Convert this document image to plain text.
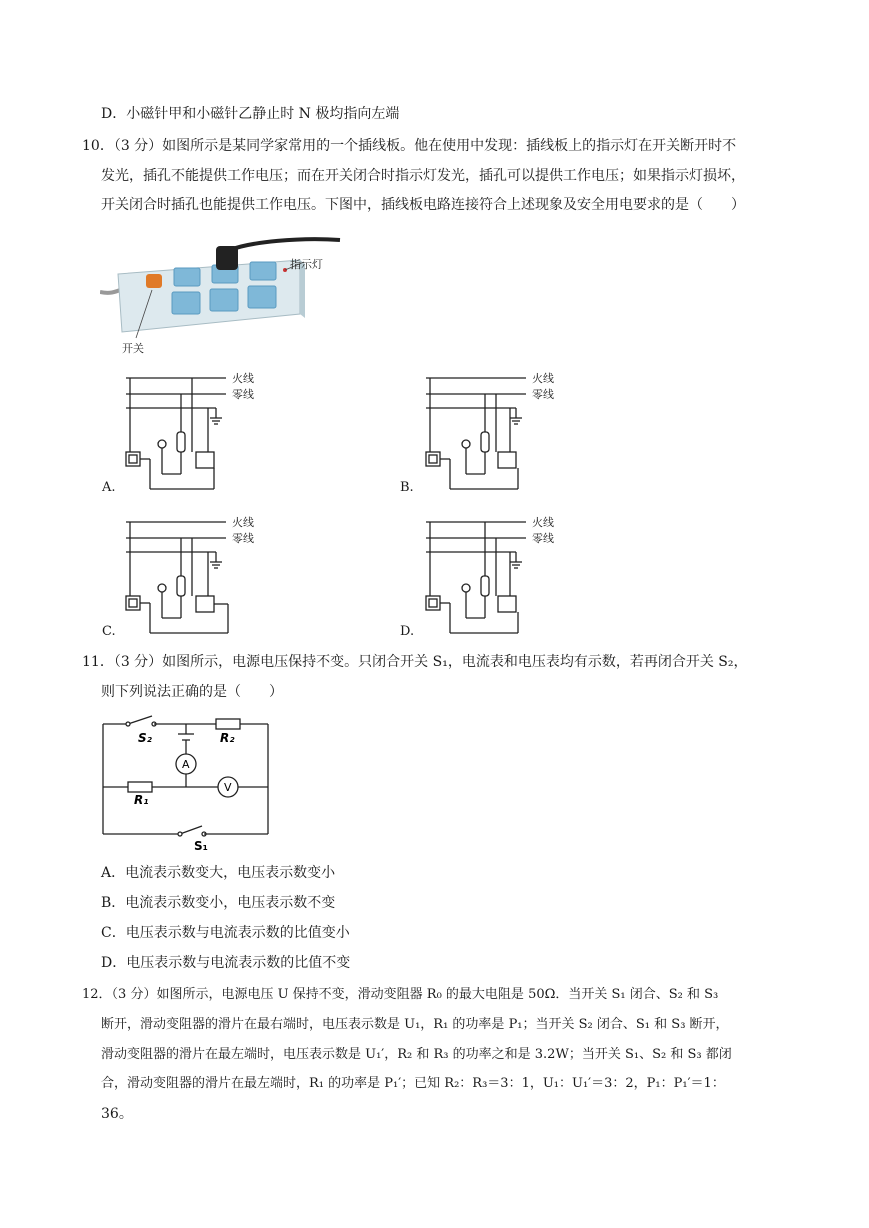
D．小磁针甲和小磁针乙静止时 N 极均指向左端
10．（3 分）如图所示是某同学家常用的一个插线板。他在使用中发现：插线板上的指示灯在开关断开时不
发光，插孔不能提供工作电压；而在开关闭合时指示灯发光，插孔可以提供工作电压；如果指示灯损坏，
开关闭合时插孔也能提供工作电压。下图中，插线板电路连接符合上述现象及安全用电要求的是（　　）
指示灯
开关
火线
零线
A.
火线
零线
B.
火线
零线
C.
火线
零线
D.
11．（3 分）如图所示，电源电压保持不变。只闭合开关 S₁，电流表和电压表均有示数，若再闭合开关 S₂，
则下列说法正确的是（　　）
S₂	R₂
A
V
R₁
S₁
A．电流表示数变大，电压表示数变小
B．电流表示数变小，电压表示数不变
C．电压表示数与电流表示数的比值变小
D．电压表示数与电流表示数的比值不变
12．（3 分）如图所示，电源电压 U 保持不变，滑动变阻器 R₀ 的最大电阻是 50Ω．当开关 S₁ 闭合、S₂ 和 S₃
断开，滑动变阻器的滑片在最右端时，电压表示数是 U₁，R₁ 的功率是 P₁；当开关 S₂ 闭合、S₁ 和 S₃ 断开，
滑动变阻器的滑片在最左端时，电压表示数是 U₁′，R₂ 和 R₃ 的功率之和是 3.2W；当开关 S₁、S₂ 和 S₃ 都闭
合，滑动变阻器的滑片在最左端时，R₁ 的功率是 P₁′；已知 R₂：R₃＝3：1，U₁：U₁′＝3：2，P₁：P₁′＝1：
36。
